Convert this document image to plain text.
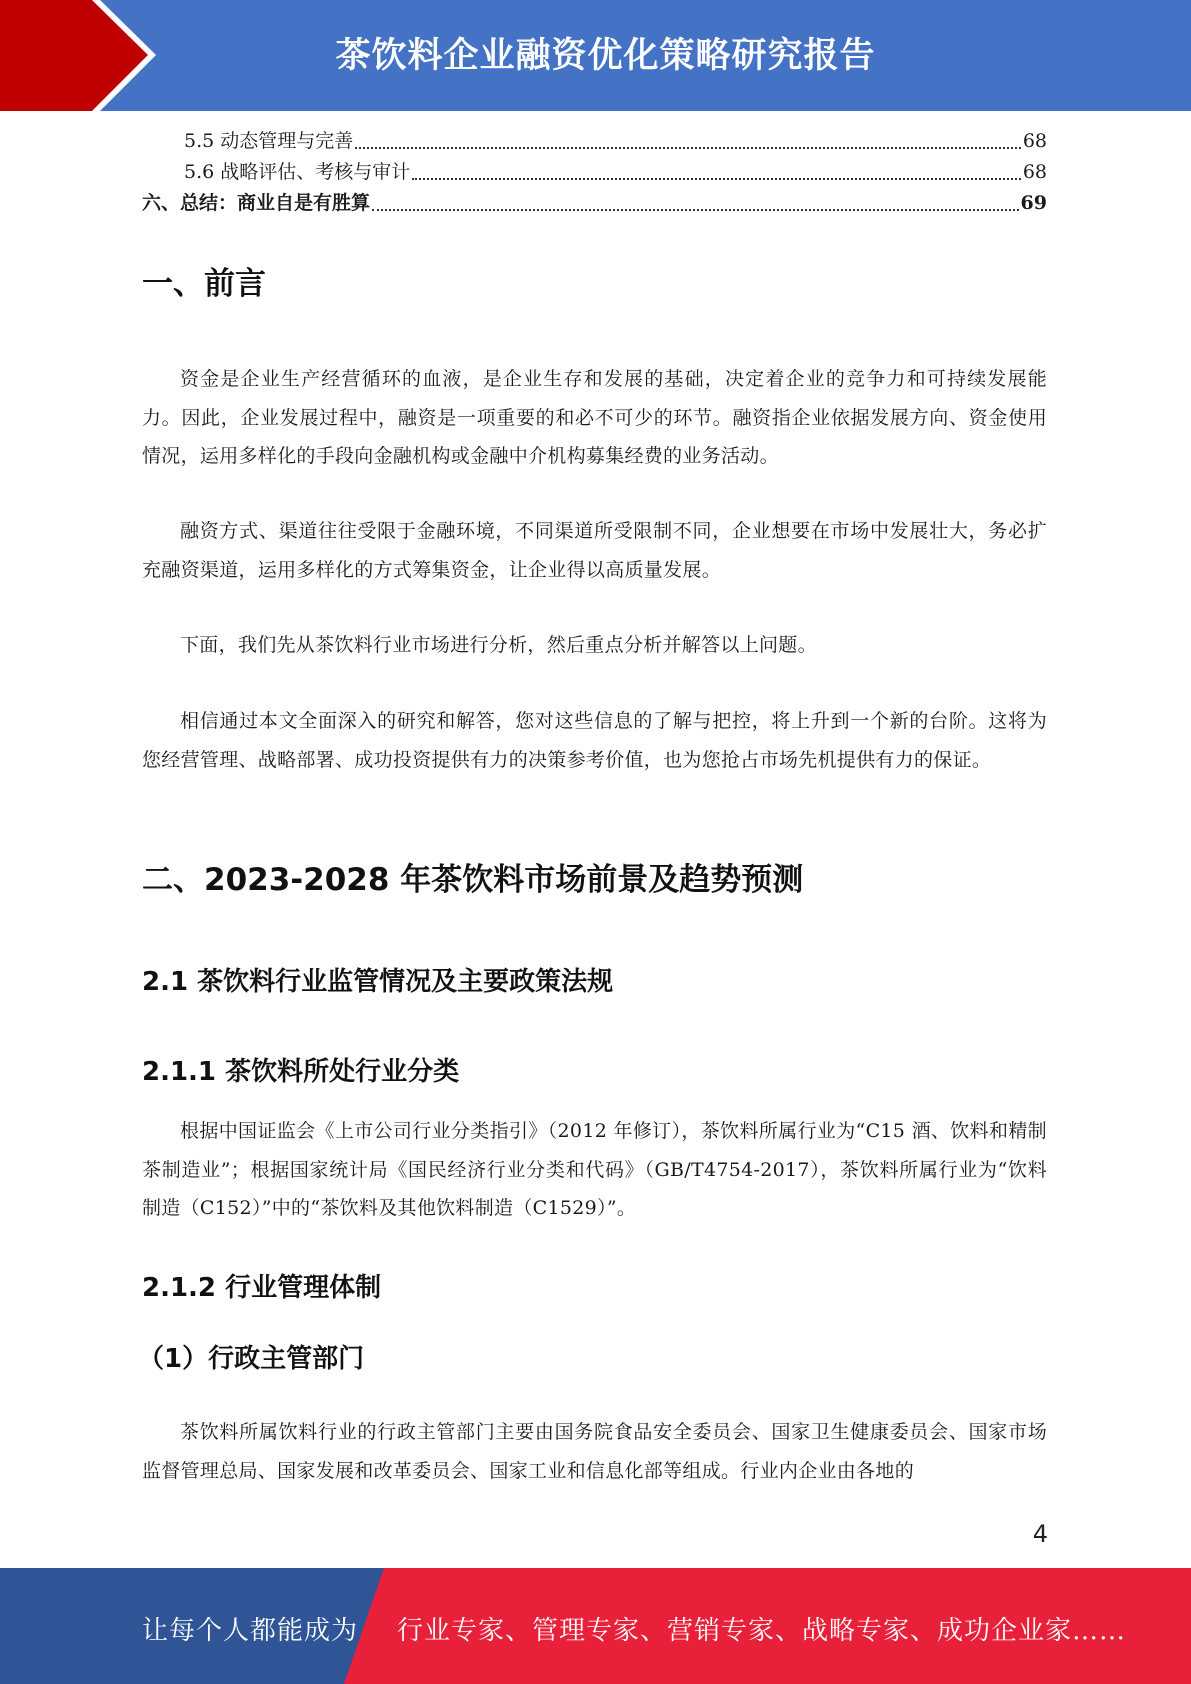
茶饮料企业融资优化策略研究报告
5.5 动态管理与完善	68
5.6 战略评估、考核与审计	68
六、总结：商业自是有胜算	69
一、前言

资金是企业生产经营循环的血液，是企业生存和发展的基础，决定着企业的竞争力和可持续发展能力。因此，企业发展过程中，融资是一项重要的和必不可少的环节。融资指企业依据发展方向、资金使用情况，运用多样化的手段向金融机构或金融中介机构募集经费的业务活动。

融资方式、渠道往往受限于金融环境，不同渠道所受限制不同，企业想要在市场中发展壮大，务必扩充融资渠道，运用多样化的方式筹集资金，让企业得以高质量发展。

下面，我们先从茶饮料行业市场进行分析，然后重点分析并解答以上问题。

相信通过本文全面深入的研究和解答，您对这些信息的了解与把控，将上升到一个新的台阶。这将为您经营管理、战略部署、成功投资提供有力的决策参考价值，也为您抢占市场先机提供有力的保证。

二、2023-2028 年茶饮料市场前景及趋势预测
2.1 茶饮料行业监管情况及主要政策法规
2.1.1 茶饮料所处行业分类

根据中国证监会《上市公司行业分类指引》（2012 年修订），茶饮料所属行业为“C15 酒、饮料和精制茶制造业”；根据国家统计局《国民经济行业分类和代码》（GB/T4754-2017），茶饮料所属行业为“饮料制造（C152）”中的“茶饮料及其他饮料制造（C1529）”。

2.1.2 行业管理体制
（1）行政主管部门

茶饮料所属饮料行业的行政主管部门主要由国务院食品安全委员会、国家卫生健康委员会、国家市场监督管理总局、国家发展和改革委员会、国家工业和信息化部等组成。行业内企业由各地的

4
让每个人都能成为 行业专家、管理专家、营销专家、战略专家、成功企业家……
